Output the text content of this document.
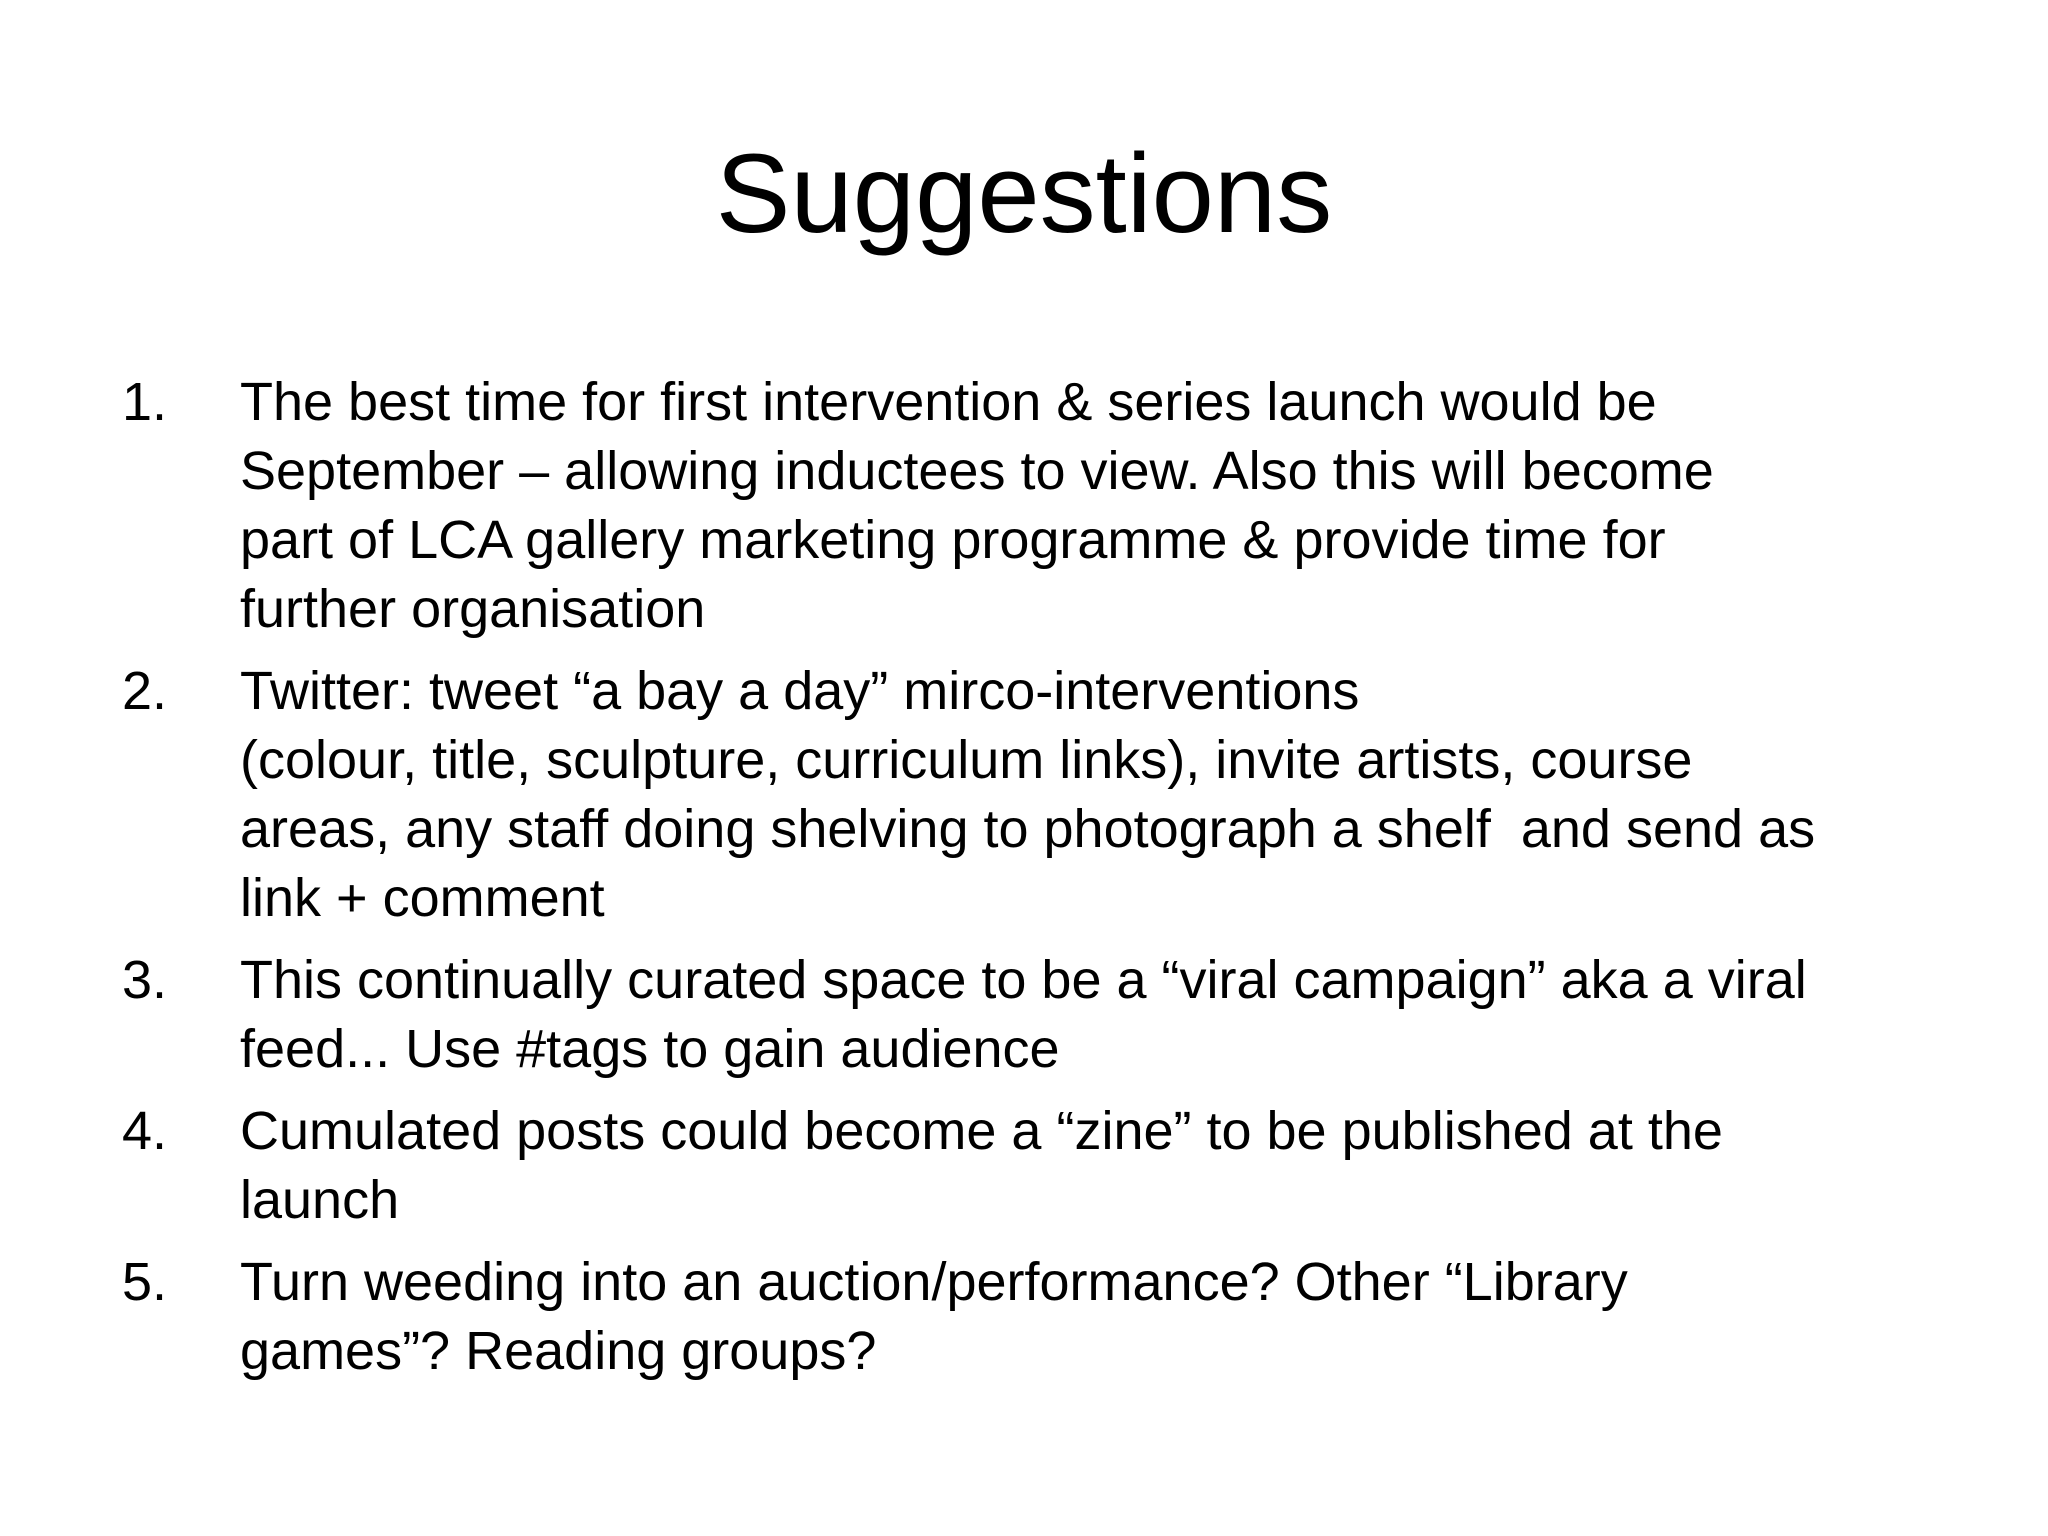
Suggestions
1. The best time for first intervention & series launch would be
September – allowing inductees to view. Also this will become
part of LCA gallery marketing programme & provide time for
further organisation
2. Twitter: tweet “a bay a day” mirco-interventions
(colour, title, sculpture, curriculum links), invite artists, course
areas, any staff doing shelving to photograph a shelf  and send as
link + comment
3. This continually curated space to be a “viral campaign” aka a viral
feed... Use #tags to gain audience
4. Cumulated posts could become a “zine” to be published at the
launch
5. Turn weeding into an auction/performance? Other “Library
games”? Reading groups?
